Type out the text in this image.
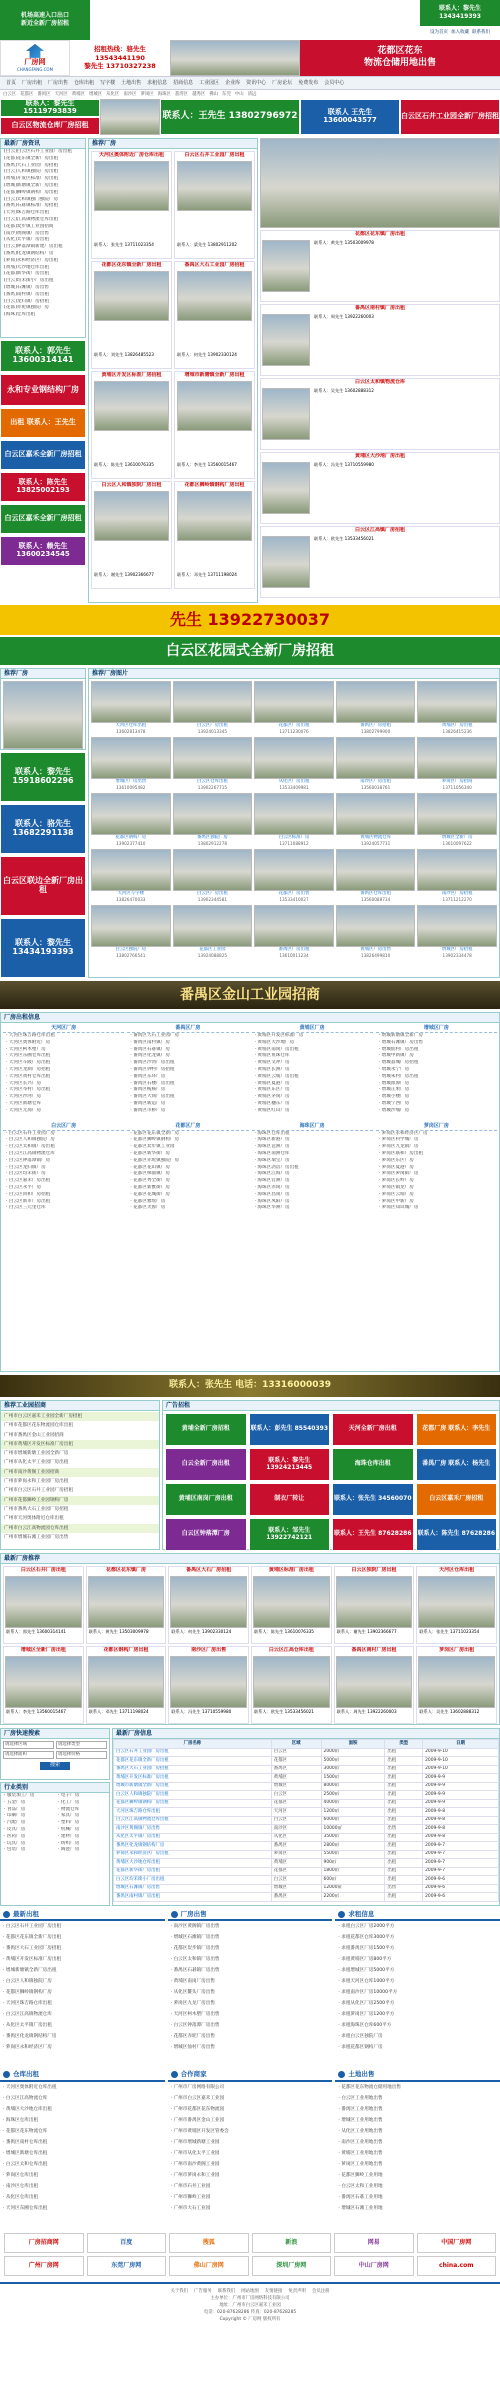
机场高速入口出口
新近全新厂房招租
联系人：黎先生
1343419393
设为首页 加入收藏 联系我们
厂房网
CHANGFANG.COM
招租热线：骆先生 13543441190
黎先生 13710327238
花都区花东
物流仓储用地出售
首页	厂房出租	厂房出售	仓库出租	写字楼	土地出售	求租信息	招商信息	工业园区	企业库	资讯中心	厂房论坛	免费发布	会员中心
白云区 花都区 番禺区 天河区 黄埔区 增城区 从化区 南沙区 萝岗区 海珠区 荔湾区 越秀区 佛山 东莞 中山 清远
联系人：黎先生 15119793839
白云区物流仓库厂房招租
联系人：王先生 13802796972	联系人 王先生 13600043577	白云区石井工业园全新厂房招租
最新厂房资讯
[白云]白云区石井工业园厂房出租
[花都]花东镇全新厂房出租
[番禺]大石工业园厂房招租
[白云]人和镇独院厂房出租
[黄埔]开发区标准厂房出租
[增城]新塘镇全新厂房出租
[花都]狮岭镇钢构厂房出租
[白云]太和镇独门独院厂房
[番禺]石碁镇标准厂房招租
[天河]珠吉路仓库出租
[白云]江高镇物流仓库出租
[花都]炭步镇工业园招商
[南沙]黄阁镇厂房出售
[从化]太平镇厂房出租
[白云]钟落潭镇新建厂房出租
[番禺]化龙镇钢结构厂房
[萝岗]永和经济区厂房出租
[黄埔]大沙地仓库出租
[花都]新华街厂房出租
[白云]均禾街小厂房出租
[增城]石滩镇厂房出售
[番禺]南村镇厂房出租
[白云]龙归镇厂房招租
[花都]赤坭镇独院厂房
[海珠]仓库出租
联系人：郭先生 13600314141
永和专业钢结构厂房
出租 联系人：王先生
白云区嘉禾全新厂房招租
联系人：陈先生 13825002193
白云区嘉禾全新厂房招租
联系人：赖先生 13600234545
推荐厂房
天河区奥体附近厂房仓库出租
联系人：张先生 13711023354
白云区石井工业园厂房出租
联系人：梁先生 13802911202
花都区花东镇全新厂房出租
联系人：刘先生 13826485523
番禺区大石工业园厂房招租
联系人：何先生 13902330124
黄埔区开发区标准厂房招租
联系人：陈先生 13610076335
增城市新塘镇全新厂房出租
联系人：李先生 13560015467
白云区人和镇独院厂房出租
联系人：谢先生 13902366677
花都区狮岭镇钢构厂房出租
联系人：邓先生 13711198024
花都区花东镇厂房出租
联系人：黄先生 13503009978
番禺区南村镇厂房出租
联系人：周先生 13922260003
白云区太和镇物流仓库
联系人：吴先生 13602888312
黄埔区大沙地厂房出租
联系人：冯先生 13710559980
白云区江高镇厂房招租
联系人：欧先生 13533456021
先生 13922730037
白云区花园式全新厂房招租
推荐厂房
联系人：黎先生 15918602296
联系人：骆先生 13682291138
白云区联边全新厂房出租
联系人：黎先生 13434193393
推荐厂房图片
天河区仓库出租
13602813478
白云区厂房出租
13924013345
花都区厂房出租
13711230076
番禺区厂房招租
13802799900
黄埔区厂房出租
13826415236
增城区厂房出售
13610095482
白云区仓库出租
13902267715
从化区厂房出租
13533409981
南沙区厂房出租
13560038761
萝岗区厂房招商
13711056340
花都区钢构厂房
13902377410
番禺区独院厂房
13802912278
白云区标准厂房
13711088912
黄埔区物流仓库
13924057731
增城区全新厂房
13610097622
天河区写字楼
13826470033
白云区厂房出租
13902344581
花都区厂房出售
13533410027
番禺区仓库出租
13560088734
南沙区厂房招租
13711212270
白云区独院厂房
13802766541
花都区工业园
13924088825
番禺区厂房出租
13610011234
黄埔区厂房出售
13826499810
增城区厂房招租
13902334478
番禺区金山工业园招商
厂房出租信息
天河区厂房
· 天河区珠吉路仓库出租
· 天河区奥体附近厂房
· 天河区柯木塱厂房
· 天河区东圃仓库出租
· 天河区车陂厂房出租
· 天河区龙洞厂房招租
· 天河区黄村仓库出租
· 天河区长兴厂房
· 天河区岑村厂房出租
· 天河区沙河厂房
· 天河区新塘仓库
· 天河区元岗厂房
番禺区厂房
· 番禺区大石工业园厂房
· 番禺区南村镇厂房
· 番禺区石碁镇厂房
· 番禺区化龙镇厂房
· 番禺区沙湾厂房出租
· 番禺区钟村厂房招租
· 番禺区东环厂房
· 番禺区石楼厂房出租
· 番禺区榄核厂房
· 番禺区大岗厂房出租
· 番禺区新造厂房
· 番禺区市桥厂房
黄埔区厂房
· 黄埔区开发区标准厂房
· 黄埔区大沙地厂房
· 黄埔区南岗厂房出租
· 黄埔区鱼珠仓库
· 黄埔区文冲厂房
· 黄埔区长洲厂房
· 黄埔区云埔厂房出租
· 黄埔区夏港厂房
· 黄埔区东区厂房
· 黄埔区茅岗厂房
· 黄埔区穗东厂房
· 黄埔区红山厂房
增城区厂房
· 增城新塘镇全新厂房
· 增城石滩镇厂房出售
· 增城仙村厂房出租
· 增城中新镇厂房
· 增城荔城厂房招租
· 增城永宁厂房
· 增城朱村厂房出租
· 增城派潭厂房
· 增城正果厂房
· 增城小楼厂房
· 增城宁西厂房
· 增城沙埔厂房
白云区厂房
· 白云区石井工业园厂房
· 白云区人和镇独院厂房
· 白云区太和镇厂房出租
· 白云区江高镇物流仓库
· 白云区钟落潭镇厂房
· 白云区龙归镇厂房
· 白云区均禾街厂房
· 白云区嘉禾厂房出租
· 白云区永平厂房
· 白云区同和厂房招租
· 白云区新市厂房出租
· 白云区三元里仓库
花都区厂房
· 花都区花东镇全新厂房
· 花都区狮岭镇钢构厂房
· 花都区炭步镇工业园
· 花都区新华街厂房
· 花都区赤坭镇独院厂房
· 花都区花山镇厂房
· 花都区梯面镇厂房
· 花都区秀全街厂房
· 花都区新雅街厂房
· 花都区花城街厂房
· 花都区雅瑶厂房
· 花都区芙蓉厂房
海珠区厂房
· 海珠区仓库出租
· 海珠区新港厂房
· 海珠区琶洲厂房
· 海珠区南洲仓库
· 海珠区瑞宝厂房
· 海珠区沥滘厂房出租
· 海珠区江海厂房
· 海珠区官洲厂房
· 海珠区赤岗厂房
· 海珠区昌岗厂房
· 海珠区凤阳厂房
· 海珠区华洲厂房
萝岗区厂房
· 萝岗区永和经济区厂房
· 萝岗区科学城厂房
· 萝岗区九龙镇厂房
· 萝岗区联和厂房出租
· 萝岗区东区厂房
· 萝岗区夏港厂房
· 萝岗区萝岗街厂房
· 萝岗区长岭厂房
· 萝岗区镇龙厂房
· 萝岗区云埔厂房
· 萝岗区中新厂房
· 萝岗区知识城厂房
联系人：张先生 电话：13316000039
推荐工业园招商
广州市白云区嘉禾工业园全新厂房招租
广州市花都区花东物流园仓库出租
广州市番禺区金山工业园招商
广州市黄埔区开发区标准厂房出租
广州市增城新塘工业园全新厂房
广州市从化太平工业园厂房出租
广州市南沙黄阁工业园招商
广州市萝岗永和工业园厂房出租
广州市白云区石井工业园厂房招租
广州市花都狮岭工业园钢构厂房
广州市番禺大石工业园厂房招租
广州市天河奥体附近仓库出租
广州市白云江高物流园仓库出租
广州市增城石滩工业园厂房出售
广告招租
黄埔全新厂房招租	联系人：彭先生 85540393	天河全新厂房出租	花都厂房 联系人：李先生
白云全新厂房出租	联系人：黎先生 13924213445	海珠仓库出租	番禺厂房 联系人：杨先生
黄埔区南岗厂房出租	制衣厂转让	联系人：张先生 34560070	白云区嘉禾厂房招租
白云区钟落潭厂房	联系人：邹先生 13922742121	联系人：王先生 87628286	联系人：陈先生 87628286
最新厂房推荐
白云区石井厂房出租
联系人：郭先生 13600314141
花都区花东镇厂房
联系人：黄先生 13503009978
番禺区大石厂房招租
联系人：何先生 13902330124
黄埔区标准厂房出租
联系人：陈先生 13610076335
白云区独院厂房出租
联系人：谢先生 13902366677
天河区仓库出租
联系人：张先生 13711023354
增城区全新厂房出租
联系人：李先生 13560015467
花都区钢构厂房出租
联系人：邓先生 13711198024
南沙区厂房出售
联系人：冯先生 13710559980
白云区江高仓库出租
联系人：欧先生 13533456021
番禺区南村厂房出租
联系人：周先生 13922260003
萝岗区厂房出租
联系人：吴先生 13602888312
厂房快速搜索
请选择区域	请选择类型
请选择面积	请选择价格
搜索
行业类别
· 服装加工厂房	· 电子厂房
· 五金厂房	· 化工厂房
· 食品厂房	· 物流仓库
· 印刷厂房	· 家具厂房
· 汽配厂房	· 塑料厂房
· 皮具厂房	· 机械厂房
· 医药厂房	· 建材厂房
· 玩具厂房	· 纺织厂房
· 包装厂房	· 陶瓷厂房
最新厂房信息
厂房名称	区域	面积	类型	日期
白云区石井工业园厂房出租	白云区	2000㎡	出租	2009-9-10
花都区花东镇全新厂房出租	花都区	5000㎡	出租	2009-9-10
番禺区大石工业园厂房招租	番禺区	3000㎡	出租	2009-9-10
黄埔区开发区标准厂房出租	黄埔区	1500㎡	出租	2009-9-9
增城市新塘镇全新厂房出租	增城区	8000㎡	出租	2009-9-9
白云区人和镇独院厂房出租	白云区	2500㎡	出租	2009-9-9
花都区狮岭镇钢构厂房出租	花都区	4000㎡	出租	2009-9-9
天河区珠吉路仓库出租	天河区	1200㎡	出租	2009-9-8
白云区江高镇物流仓库出租	白云区	6000㎡	出租	2009-9-8
南沙区黄阁镇厂房出售	南沙区	10000㎡	出售	2009-9-8
从化区太平镇厂房出租	从化区	3500㎡	出租	2009-9-8
番禺区化龙镇钢结构厂房	番禺区	2800㎡	出租	2009-9-7
萝岗区永和经济区厂房出租	萝岗区	5500㎡	出租	2009-9-7
黄埔区大沙地仓库出租	黄埔区	900㎡	出租	2009-9-7
花都区新华街厂房出租	花都区	1800㎡	出租	2009-9-7
白云区均禾街小厂房出租	白云区	600㎡	出租	2009-9-6
增城区石滩镇厂房出售	增城区	12000㎡	出售	2009-9-6
番禺区南村镇厂房出租	番禺区	2200㎡	出租	2009-9-6
最新出租
· 白云区石井工业园厂房出租
· 花都区花东镇全新厂房出租
· 番禺区大石工业园厂房招租
· 黄埔区开发区标准厂房出租
· 增城新塘镇全新厂房出租
· 白云区人和镇独院厂房
· 花都区狮岭镇钢构厂房
· 天河区珠吉路仓库出租
· 白云区江高镇物流仓库
· 从化区太平镇厂房出租
· 番禺区化龙镇钢结构厂房
· 萝岗区永和经济区厂房
厂房出售
· 南沙区黄阁镇厂房出售
· 增城区石滩镇厂房出售
· 花都区炭步镇厂房出售
· 白云区太和镇厂房出售
· 番禺区石碁镇厂房出售
· 黄埔区南岗厂房出售
· 从化区鳌头厂房出售
· 萝岗区九龙厂房出售
· 天河区柯木塱厂房出售
· 白云区钟落潭厂房出售
· 花都区赤坭厂房出售
· 增城区仙村厂房出售
求租信息
· 求租白云区厂房2000平方
· 求租花都区仓库3000平方
· 求租番禺区厂房1500平方
· 求租黄埔区厂房800平方
· 求租增城区厂房5000平方
· 求租天河区仓库1000平方
· 求租南沙区厂房10000平方
· 求租从化区厂房2500平方
· 求租萝岗区厂房1200平方
· 求租海珠区仓库600平方
· 求租白云区独院厂房
· 求租花都区钢构厂房
仓库出租
· 天河区奥体附近仓库出租
· 白云区江高物流仓库
· 黄埔区大沙地仓库出租
· 海珠区仓库出租
· 花都区花东物流仓库
· 番禺区南村仓库出租
· 增城区新塘仓库出租
· 白云区太和仓库出租
· 萝岗区仓库出租
· 南沙区仓库出租
· 从化区仓库出租
· 天河区东圃仓库出租
合作商家
· 广州市厂房网络有限公司
· 广州市白云区嘉禾工业园
· 广州市花都区花东物流园
· 广州市番禺区金山工业园
· 广州市黄埔区开发区管委会
· 广州市增城新塘工业园
· 广州市从化太平工业园
· 广州市南沙黄阁工业园
· 广州市萝岗永和工业园
· 广州市石井工业园
· 广州市狮岭工业园
· 广州市大石工业园
土地出售
· 花都区花东物流仓储用地出售
· 白云区工业用地出售
· 番禺区工业用地出售
· 增城区工业用地出售
· 从化区工业用地出售
· 南沙区工业用地出售
· 黄埔区工业用地出售
· 萝岗区工业用地出售
· 花都区狮岭工业用地
· 白云区太和工业用地
· 番禺区石碁工业用地
· 增城区石滩工业用地
厂房招商网	百度	搜狐	新浪	网易	中国厂房网
广州厂房网	东莞厂房网	佛山厂房网	深圳厂房网	中山厂房网	china.com
关于我们 广告服务 联系我们 网站地图 友情链接 免责声明 会员注册
主办单位：广州市厂房网络科技有限公司
地址：广州市白云区嘉禾工业园
电话：020-87628286 传真：020-87628285
Copyright © 厂房网 版权所有
